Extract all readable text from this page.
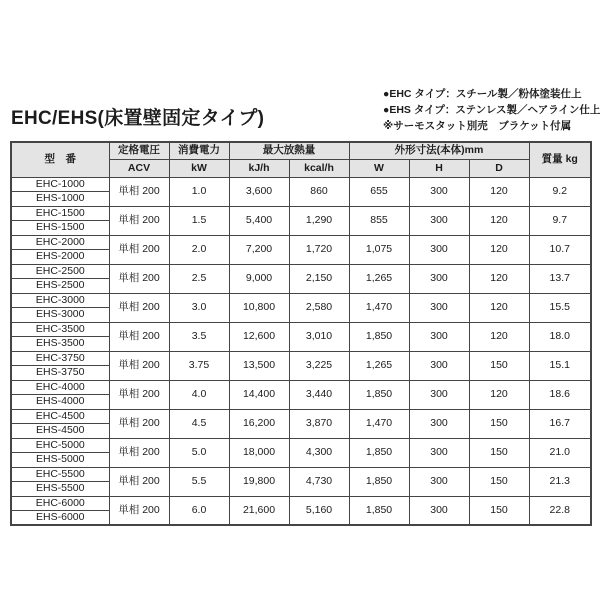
EHC/EHS(床置壁固定タイプ)
●EHC タイプ：スチール製／粉体塗装仕上
●EHS タイプ：ステンレス製／ヘアライン仕上
※サーモスタット別売　ブラケット付属
型　番	定格電圧	消費電力	最大放熱量		外形寸法(本体)mm			質量 kg
	ACV	kW	kJ/h	kcal/h	W	H	D	
EHC-1000	単相 200	1.0	3,600	860	655	300	120	9.2
EHS-1000								
EHC-1500	単相 200	1.5	5,400	1,290	855	300	120	9.7
EHS-1500								
EHC-2000	単相 200	2.0	7,200	1,720	1,075	300	120	10.7
EHS-2000								
EHC-2500	単相 200	2.5	9,000	2,150	1,265	300	120	13.7
EHS-2500								
EHC-3000	単相 200	3.0	10,800	2,580	1,470	300	120	15.5
EHS-3000								
EHC-3500	単相 200	3.5	12,600	3,010	1,850	300	120	18.0
EHS-3500								
EHC-3750	単相 200	3.75	13,500	3,225	1,265	300	150	15.1
EHS-3750								
EHC-4000	単相 200	4.0	14,400	3,440	1,850	300	120	18.6
EHS-4000								
EHC-4500	単相 200	4.5	16,200	3,870	1,470	300	150	16.7
EHS-4500								
EHC-5000	単相 200	5.0	18,000	4,300	1,850	300	150	21.0
EHS-5000								
EHC-5500	単相 200	5.5	19,800	4,730	1,850	300	150	21.3
EHS-5500								
EHC-6000	単相 200	6.0	21,600	5,160	1,850	300	150	22.8
EHS-6000								
